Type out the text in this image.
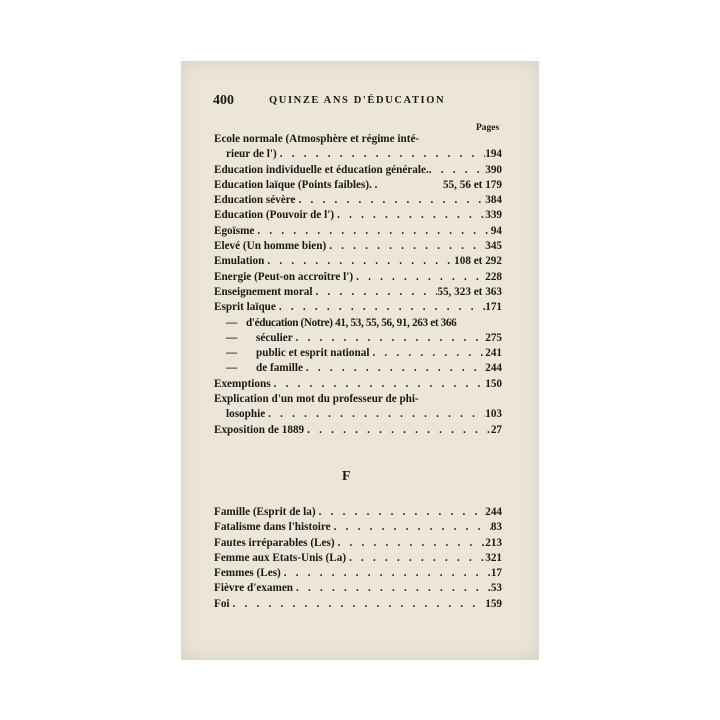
400	QUINZE ANS D'ÉDUCATION
Pages
Ecole normale (Atmosphère et régime inté-
rieur de l') . . .	194
Education individuelle et éducation générale. . . .	390
Education laïque (Points faibles). .	55, 56 et 179
Education sévère . . .	384
Education (Pouvoir de l') . . .	339
Egoïsme . . .	94
Elevé (Un homme bien) . . .	345
Emulation . . .	108 et 292
Energie (Peut-on accroître l') . . .	228
Enseignement moral . . .	55, 323 et 363
Esprit laïque . . .	171
— d'éducation (Notre) 41, 53, 55, 56, 91, 263 et 366
—	séculier . . .	275
—	public et esprit national . . .	241
—	de famille . . .	244
Exemptions . . .	150
Explication d'un mot du professeur de phi-
losophie . . .	103
Exposition de 1889 . . .	27
F
Famille (Esprit de la) . . .	244
Fatalisme dans l'histoire . . .	83
Fautes irréparables (Les) . . .	213
Femme aux Etats-Unis (La) . . .	321
Femmes (Les) . . .	17
Fièvre d'examen . . .	53
Foi . . .	159
